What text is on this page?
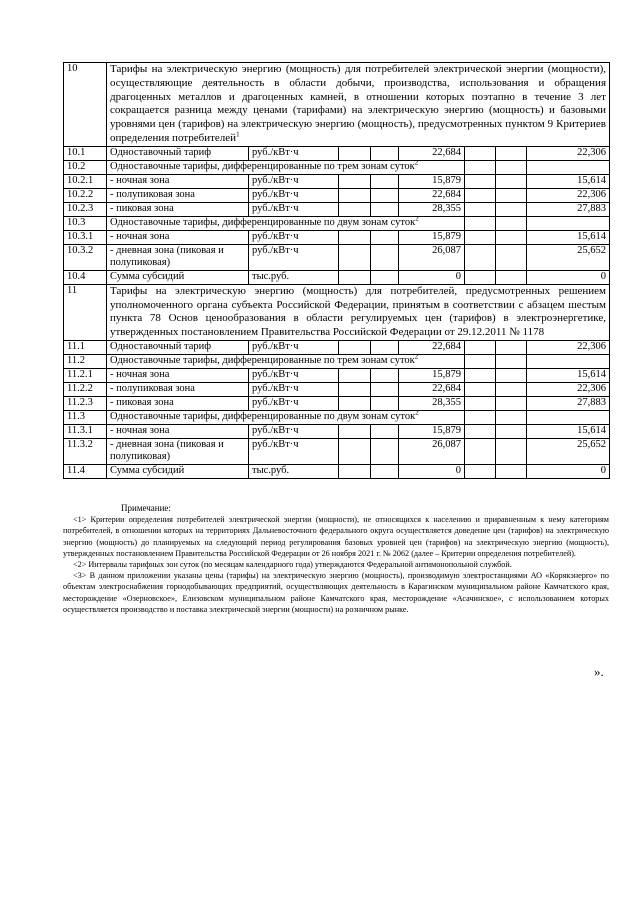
10	Тарифы на электрическую энергию (мощность) для потребителей электрической энергии (мощности), осуществляющие деятельность в области добычи, производства, использования и обращения драгоценных металлов и драгоценных камней, в отношении которых поэтапно в течение 3 лет сокращается разница между ценами (тарифами) на электрическую энергию (мощность) и базовыми уровнями цен (тарифов) на электрическую энергию (мощность), предусмотренных пунктом 9 Критериев определения потребителей$^1$
10.1	Одноставочный тариф	руб./кВт·ч			22,684			22,306
10.2	Одноставочные тарифы, дифференцированные по трем зонам суток$^2$			
10.2.1	- ночная зона	руб./кВт·ч			15,879			15,614
10.2.2	- полупиковая зона	руб./кВт·ч			22,684			22,306
10.2.3	- пиковая зона	руб./кВт·ч			28,355			27,883
10.3	Одноставочные тарифы, дифференцированные по двум зонам суток$^2$			
10.3.1	- ночная зона	руб./кВт·ч			15,879			15,614
10.3.2	- дневная зона (пиковая и полупиковая)	руб./кВт·ч			26,087			25,652
10.4	Сумма субсидий	тыс.руб.			0			0
11	Тарифы на электрическую энергию (мощность) для потребителей, предусмотренных решением уполномоченного органа субъекта Российской Федерации, принятым в соответствии с абзацем шестым пункта 78 Основ ценообразования в области регулируемых цен (тарифов) в электроэнергетике, утвержденных постановлением Правительства Российской Федерации от 29.12.2011 № 1178							
11.1	Одноставочный тариф	руб./кВт·ч			22,684			22,306
11.2	Одноставочные тарифы, дифференцированные по трем зонам суток$^2$			
11.2.1	- ночная зона	руб./кВт·ч			15,879			15,614
11.2.2	- полупиковая зона	руб./кВт·ч			22,684			22,306
11.2.3	- пиковая зона	руб./кВт·ч			28,355			27,883
11.3	Одноставочные тарифы, дифференцированные по двум зонам суток$^2$			
11.3.1	- ночная зона	руб./кВт·ч			15,879			15,614
11.3.2	- дневная зона (пиковая и полупиковая)	руб./кВт·ч			26,087			25,652
11.4	Сумма субсидий	тыс.руб.			0			0
Примечание:

<1> Критерии определения потребителей электрической энергии (мощности), не относящихся к населению и приравненным к нему категориям потребителей, в отношении которых на территориях Дальневосточного федерального округа осуществляется доведение цен (тарифов) на электрическую энергию (мощность) до планируемых на следующий период регулирования базовых уровней цен (тарифов) на электрическую энергию (мощность), утвержденных постановлением Правительства Российской Федерации от 26 ноября 2021 г. № 2062 (далее – Критерии определения потребителей).

<2> Интервалы тарифных зон суток (по месяцам календарного года) утверждаются Федеральной антимонопольной службой.

<3> В данном приложении указаны цены (тарифы) на электрическую энергию (мощность), производимую электростанциями АО «Корякэнерго» по объектам электроснабжения горнодобывающих предприятий, осуществляющих деятельность в Карагинском муниципальном районе Камчатского края, месторождение «Озерновское», Елизовском муниципальном районе Камчатского края, месторождение «Асачинское», с использованием которых осуществляется производство и поставка электрической энергии (мощности) на розничном рынке.

».
